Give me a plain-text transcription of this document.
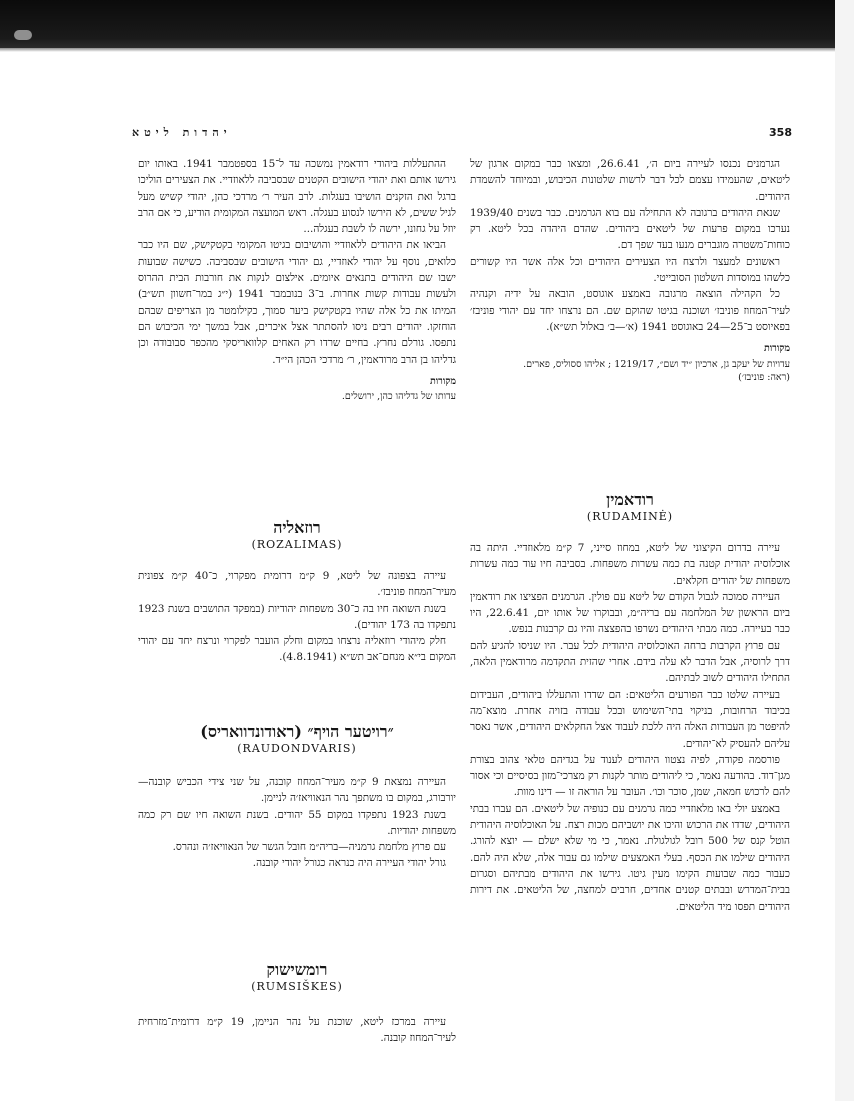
יהדות ליטא	358

הגרמנים נכנסו לעיירה ביום ה׳, 26.6.41, ומצאו כבר במקום ארגון של ליטאים, שהעמידו עצמם לכל דבר לרשות שלטונות הכיבוש, ובמיוחד להשמדת היהודים.

שנאת היהודים ברגובה לא התחילה עם בוא הגרמנים. כבר בשנים 1939/40 נערכו במקום פרעות של ליטאים ביהודים. שהדם היהדה בכל ליטא. רק כוחות־משטרה מוגברים מנעו בעד שפך דם.

ראשונים למעצר ולרצח היו הצעירים היהודים וכל אלה אשר היו קשורים כלשהו במוסדות השלטון הסובייטי.

כל הקהילה הוצאה מרגובה באמצע אוגוסט, הובאה על ידיה וקנהיה לעיר־המחוז פוניבז׳ ושוכנה בגיטו שהוקם שם. הם נרצחו יחד עם יהודי פוניבז׳ בפאיוסט ב־25—24 באוגוסט 1941 (א׳—ב׳ באלול תש״א).

מקורות
עדויות של יעקב גן, ארכיון ״יד ושם״, 1219/17 ; אליהו ססוליס, פארים.
(ראה: פוניבז׳)
רודאמין
(RUDAMINĖ)

עיירה בדרום הקיצוני של ליטא, במחוז סייני, 7 ק״מ מלאוזדיי. היתה בה אוכלוסיה יהודית קטנה בת כמה עשרות משפחות. בסביבה חיו עוד כמה עשרות משפחות של יהודים חקלאים.

העיירה סמוכה לגבול הקודם של ליטא עם פולין. הגרמנים הפציצו את רודאמין ביום הראשון של המלחמה עם בריה״מ, ובבוקרו של אותו יום, 22.6.41, היו כבר בעיירה. כמה מבתי היהודים נשרפו בהפצצה והיו גם קרבנות בנפש.

עם פרוץ הקרבות ברחה האוכלוסיה היהודית לכל עבר. היו שניסו להגיע להם דרך לרוסיה, אבל הדבר לא עלה בידם. אחרי שהזית התקדמה מרודאמין הלאה, התחילו היהודים לשוב לבתיהם.

בעיירה שלטו כבר הפורעים הליטאים: הם שדדו והתעללו ביהודים, העבידום בכיבוד הרחובות, בניקוי בתי־השימוש ובכל עבודה בזויה אחרת. מוצא־מה להיפטר מן העבודות האלה היה ללכת לעבוד אצל החקלאים היהודים, אשר נאסר עליהם להעסיק לא־יהודים.

פורסמה פקודה, לפיה נצטוו היהודים לענוד על בגדיהם טלאי צהוב בצורת מגן־דוד. בהודעה נאמר, כי ליהודים מותר לקנות רק מצרכי־מזון בסיסיים וכי אסור להם לרכוש חמאה, שמן, סוכר וכו׳. העובר על הוראה זו — דינו מוות.

באמצע יולי באו מלאוזדיי כמה גרמנים עם כנופיה של ליטאים. הם עברו בבתי היהודים, שדדו את הרכוש והיכו את יושביהם מכות רצח. על האוכלוסיה היהודית הוטל קנס של 500 רובל לגולגולת. נאמר, כי מי שלא ישלם — יוצא להורג. היהודים שילמו את הכסף. בעלי האמצעים שילמו גם עבור אלה, שלא היה להם. כעבור כמה שבועות הקימו מעין גיטו. גירשו את היהודים מבתיהם וסגרום בבית־המדרש ובבתים קטנים אחדים, חרבים למחצה, של הליטאים. את דירות היהודים תפסו מיד הליטאים.

ההתעללות ביהודי רודאמין נמשכה עד ל־15 בספטמבר 1941. באותו יום גירשו אותם ואת יהודי הישובים הקטנים שבסביבה ללאוזדיי. את הצעירים הוליכו ברגל ואת הזקנים הושיבו בעגלות. לרב העיר ר׳ מרדכי כהן, יהודי קשיש מעל לגיל ששים, לא הירשו לנסוע בעגלה. ראש המועצה המקומית הודיע, כי אם הרב יוזל על גחונו, ירשה לו לשבת בעגלה...

הביאו את היהודים ללאוזדיי והושיבום בגיטו המקומי בקטקישק, שם היו כבר כלואים, נוסף על יהודי לאוזדיי, גם יהודי הישובים שבסביבה. כשישה שבועות ישבו שם היהודים בתנאים איומים. אילצום לנקות את חורבות הבית ההרוס ולעשות עבודות קשות אחרות. ב־3 בנובמבר 1941 (י״ג במר־חשוון תש״ב) המיתו את כל אלה שהיו בקטקישק ביער סמוך, כקילומטר מן הצריפים שבהם הוחזקו. יהודים רבים ניסו להסתתר אצל איכרים, אבל במשך ימי הכיבוש הם נתפסו. גורלם נחרץ. בחיים שרדו רק האחים קלוואריסקי מהכפר סבובודה וכן גדליהו בן הרב מרודאמין, ר׳ מרדכי הכהן הי״ד.

מקורות
עדותו של גדליהו כהן, ירושלים.
רוזאליה
(ROZALIMAS)

עיירה בצפונה של ליטא, 9 ק״מ דרומית מפקרוי, כ־40 ק״מ צפונית מעיר־המחוז פוניבז׳.

בשנת השואה חיו בה כ־30 משפחות יהודיות (במפקד התושבים בשנת 1923 נתפקדו בה 173 יהודים).

חלק מיהודי רוזאליה נרצחו במקום וחלק הועבר לפקרוי ונרצח יחד עם יהודי המקום בי״א מנחם־אב תש״א (4.8.1941).

״רויטער הויף״ (ראודונדוואריס)
(RAUDONDVARIS)

העיירה נמצאת 9 ק״מ מעיר־המחוז קובנה, על שני צידי הכביש קובנה—יורבורג, במקום בו משתפך נהר הנאוויאז׳ה לניימן.

בשנת 1923 נתפקדו במקום 55 יהודים. בשנת השואה חיו שם רק כמה משפחות יהודיות.

עם פרוץ מלחמת גרמניה—בריה״מ חובל הגשר של הנאוויאז׳ה ונהרס.

גורל יהודי העיירה היה כנראה כגורל יהודי קובנה.

רומשישוק
(RUMSIŠKES)

עיירה במרכז ליטא, שוכנת על נהר הניימן, 19 ק״מ דרומית־מזרחית לעיר־המחוז קובנה.
